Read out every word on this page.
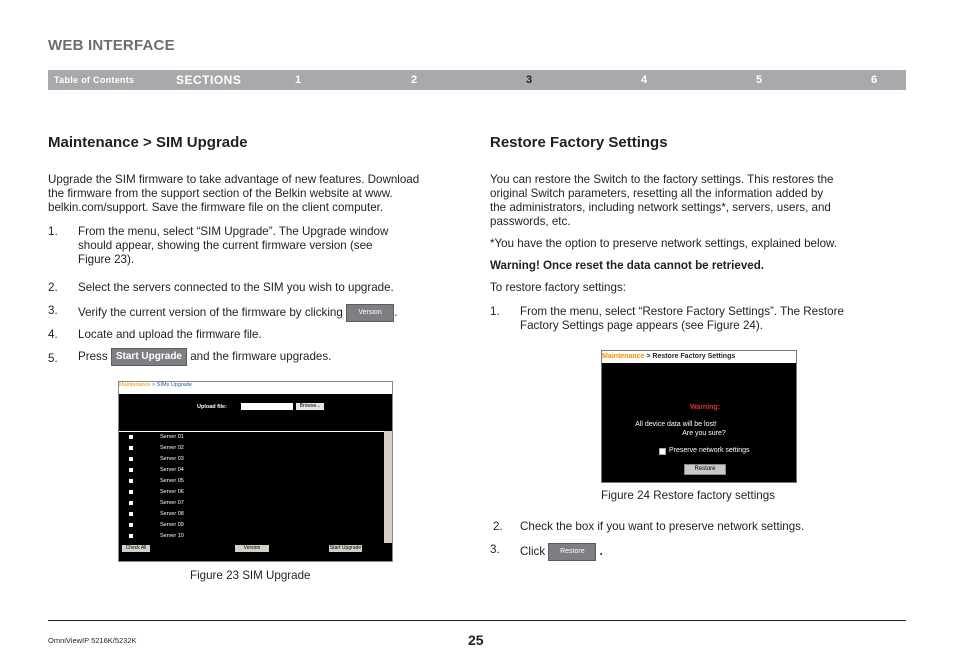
WEB INTERFACE
Table of Contents	SECTIONS	1	2	3	4	5	6
Maintenance > SIM Upgrade

Upgrade the SIM firmware to take advantage of new features. Download

the firmware from the support section of the Belkin website at www.

belkin.com/support. Save the firmware file on the client computer.

1. From the menu, select “SIM Upgrade”. The Upgrade window

should appear, showing the current firmware version (see

Figure 23).

2. Select the servers connected to the SIM you wish to upgrade.
3. Verify the current version of the firmware by clicking Version .
4. Locate and upload the firmware file.
5. Press Start Upgrade and the firmware upgrades.
Maintenance > SIMs Upgrade
Upload file:	Browse...
Server 01
Server 02
Server 03
Server 04
Server 05
Server 06
Server 07
Server 08
Server 09
Server 10
Check All	Version	Start Upgrade
Figure 23 SIM Upgrade
Restore Factory Settings

You can restore the Switch to the factory settings. This restores the

original Switch parameters, resetting all the information added by

the administrators, including network settings*, servers, users, and

passwords, etc.

*You have the option to preserve network settings, explained below.

Warning! Once reset the data cannot be retrieved.

To restore factory settings:

1. From the menu, select “Restore Factory Settings”. The Restore

Factory Settings page appears (see Figure 24).

Maintenance > Restore Factory Settings
Warning:
All device data will be lost!
Are you sure?
Preserve network settings
Restore
Figure 24 Restore factory settings
2. Check the box if you want to preserve network settings.
3. Click Restore .
OmniViewIP 5216K/5232K	25
